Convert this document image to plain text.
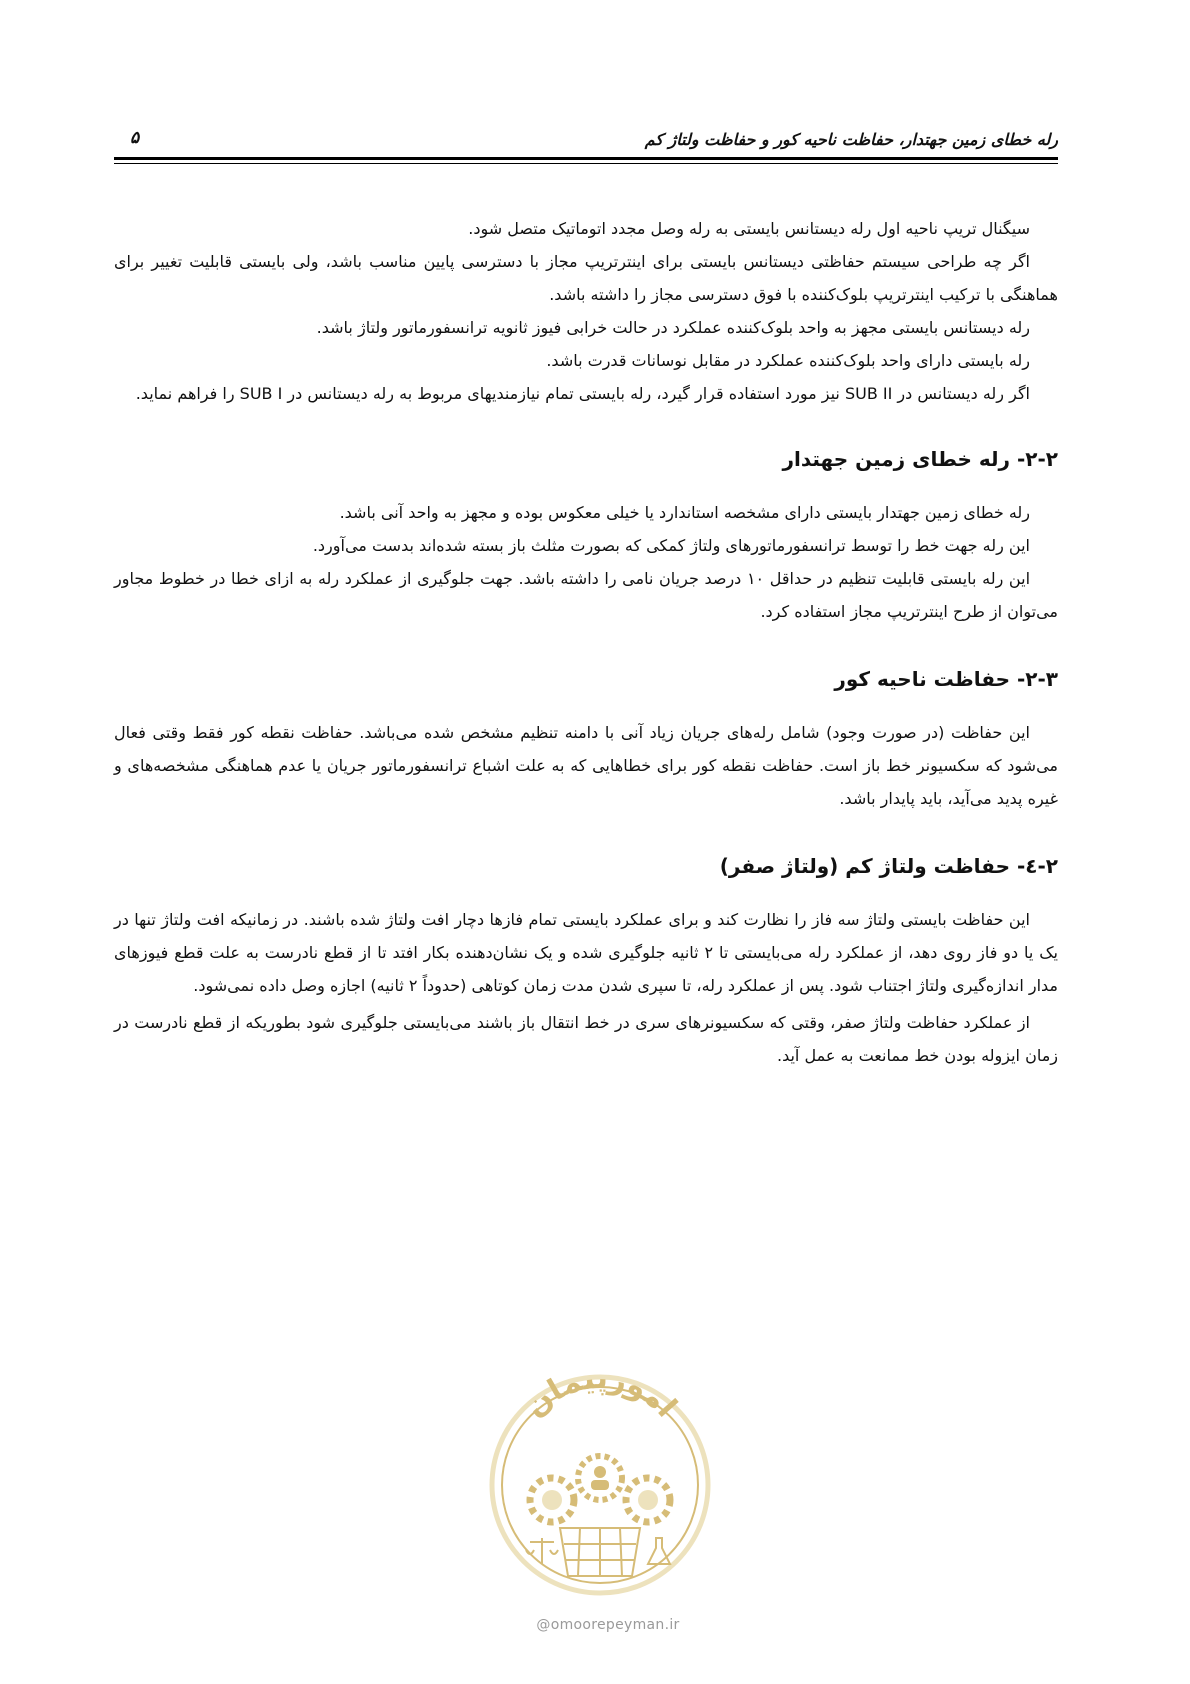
رله خطای زمین جهتدار، حفاظت ناحیه کور و حفاظت ولتاژ کم
۵

سیگنال تریپ ناحیه اول رله دیستانس بایستی به رله وصل مجدد اتوماتیک متصل شود.

اگر چه طراحی سیستم حفاظتی دیستانس بایستی برای اینترتریپ مجاز با دسترسی پایین مناسب باشد، ولی بایستی قابلیت تغییر برای هماهنگی با ترکیب اینترتریپ بلوک‌کننده با فوق دسترسی مجاز را داشته باشد.

رله دیستانس بایستی مجهز به واحد بلوک‌کننده عملکرد در حالت خرابی فیوز ثانویه ترانسفورماتور ولتاژ باشد.

رله بایستی دارای واحد بلوک‌کننده عملکرد در مقابل نوسانات قدرت باشد.

اگر رله دیستانس در SUB II نیز مورد استفاده قرار گیرد، رله بایستی تمام نیازمندیهای مربوط به رله دیستانس در SUB I را فراهم نماید.

۲-۲- رله خطای زمین جهتدار

رله خطای زمین جهتدار بایستی دارای مشخصه استاندارد یا خیلی معکوس بوده و مجهز به واحد آنی باشد.

این رله جهت خط را توسط ترانسفورماتورهای ولتاژ کمکی که بصورت مثلث باز بسته شده‌اند بدست می‌آورد.

این رله بایستی قابلیت تنظیم در حداقل ۱۰ درصد جریان نامی را داشته باشد. جهت جلوگیری از عملکرد رله به ازای خطا در خطوط مجاور می‌توان از طرح اینترتریپ مجاز استفاده کرد.

۲-۳- حفاظت ناحیه کور

این حفاظت (در صورت وجود) شامل رله‌های جریان زیاد آنی با دامنه تنظیم مشخص شده می‌باشد. حفاظت نقطه کور فقط وقتی فعال می‌شود که سکسیونر خط باز است. حفاظت نقطه کور برای خطاهایی که به علت اشباع ترانسفورماتور جریان یا عدم هماهنگی مشخصه‌های و غیره پدید می‌آید، باید پایدار باشد.

۲-٤- حفاظت ولتاژ کم (ولتاژ صفر)

این حفاظت بایستی ولتاژ سه فاز را نظارت کند و برای عملکرد بایستی تمام فازها دچار افت ولتاژ شده باشند. در زمانیکه افت ولتاژ تنها در یک یا دو فاز روی دهد، از عملکرد رله می‌بایستی تا ۲ ثانیه جلوگیری شده و یک نشان‌دهنده بکار افتد تا از قطع نادرست به علت قطع فیوزهای مدار اندازه‌گیری ولتاژ اجتناب شود. پس از عملکرد رله، تا سپری شدن مدت زمان کوتاهی (حدوداً ۲ ثانیه) اجازه وصل داده نمی‌شود.

از عملکرد حفاظت ولتاژ صفر، وقتی که سکسیونرهای سری در خط انتقال باز باشند می‌بایستی جلوگیری شود بطوریکه از قطع نادرست در زمان ایزوله بودن خط ممانعت به عمل آید.

امورپیمان
@omoorepeyman.ir
